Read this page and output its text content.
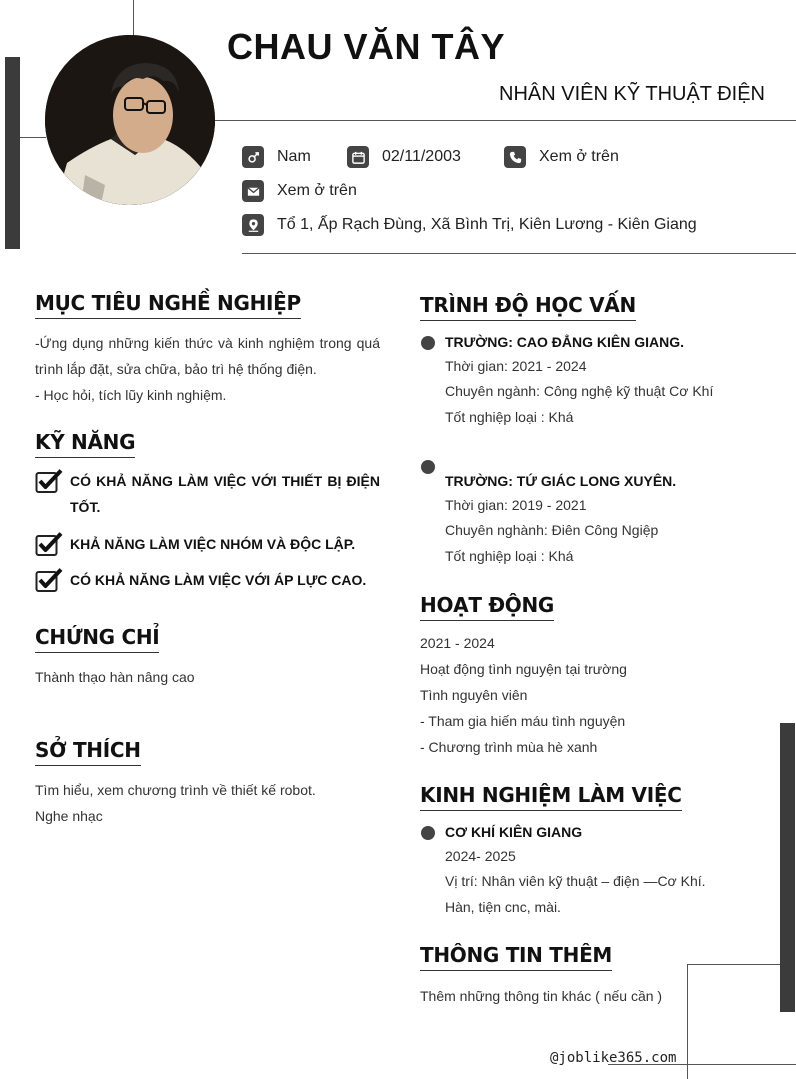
CHAU VĂN TÂY
NHÂN VIÊN KỸ THUẬT ĐIỆN
Nam	02/11/2003	Xem ở trên
Xem ở trên
Tổ 1, Ấp Rạch Đùng, Xã Bình Trị, Kiên Lương - Kiên Giang
MỤC TIÊU NGHỀ NGHIỆP
-Ứng dụng những kiến thức và kinh nghiệm trong quá trình lắp đặt, sửa chữa, bảo trì hệ thống điện.
- Học hỏi, tích lũy kinh nghiệm.
KỸ NĂNG
CÓ KHẢ NĂNG LÀM VIỆC VỚI THIẾT BỊ ĐIỆN TỐT.
KHẢ NĂNG LÀM VIỆC NHÓM VÀ ĐỘC LẬP.
CÓ KHẢ NĂNG LÀM VIỆC VỚI ÁP LỰC CAO.
CHỨNG CHỈ
Thành thạo hàn nâng cao
SỞ THÍCH
Tìm hiểu, xem chương trình về thiết kế robot.
Nghe nhạc
TRÌNH ĐỘ HỌC VẤN
TRƯỜNG: CAO ĐẲNG KIÊN GIANG.
Thời gian: 2021 - 2024
Chuyên ngành: Công nghệ kỹ thuật Cơ Khí
Tốt nghiệp loại : Khá
TRƯỜNG: TỨ GIÁC LONG XUYÊN.
Thời gian: 2019 - 2021
Chuyên nghành: Điên Công Ngiệp
Tốt nghiệp loại : Khá
HOẠT ĐỘNG
2021 - 2024
Hoạt động tình nguyện tại trường
Tình nguyên viên
- Tham gia hiến máu tình nguyện
- Chương trình mùa hè xanh
KINH NGHIỆM LÀM VIỆC
CƠ KHÍ KIÊN GIANG
2024- 2025
Vị trí: Nhân viên kỹ thuật – điện —Cơ Khí.
Hàn, tiện cnc, mài.
THÔNG TIN THÊM
Thêm những thông tin khác ( nếu cần )
@joblike365.com
